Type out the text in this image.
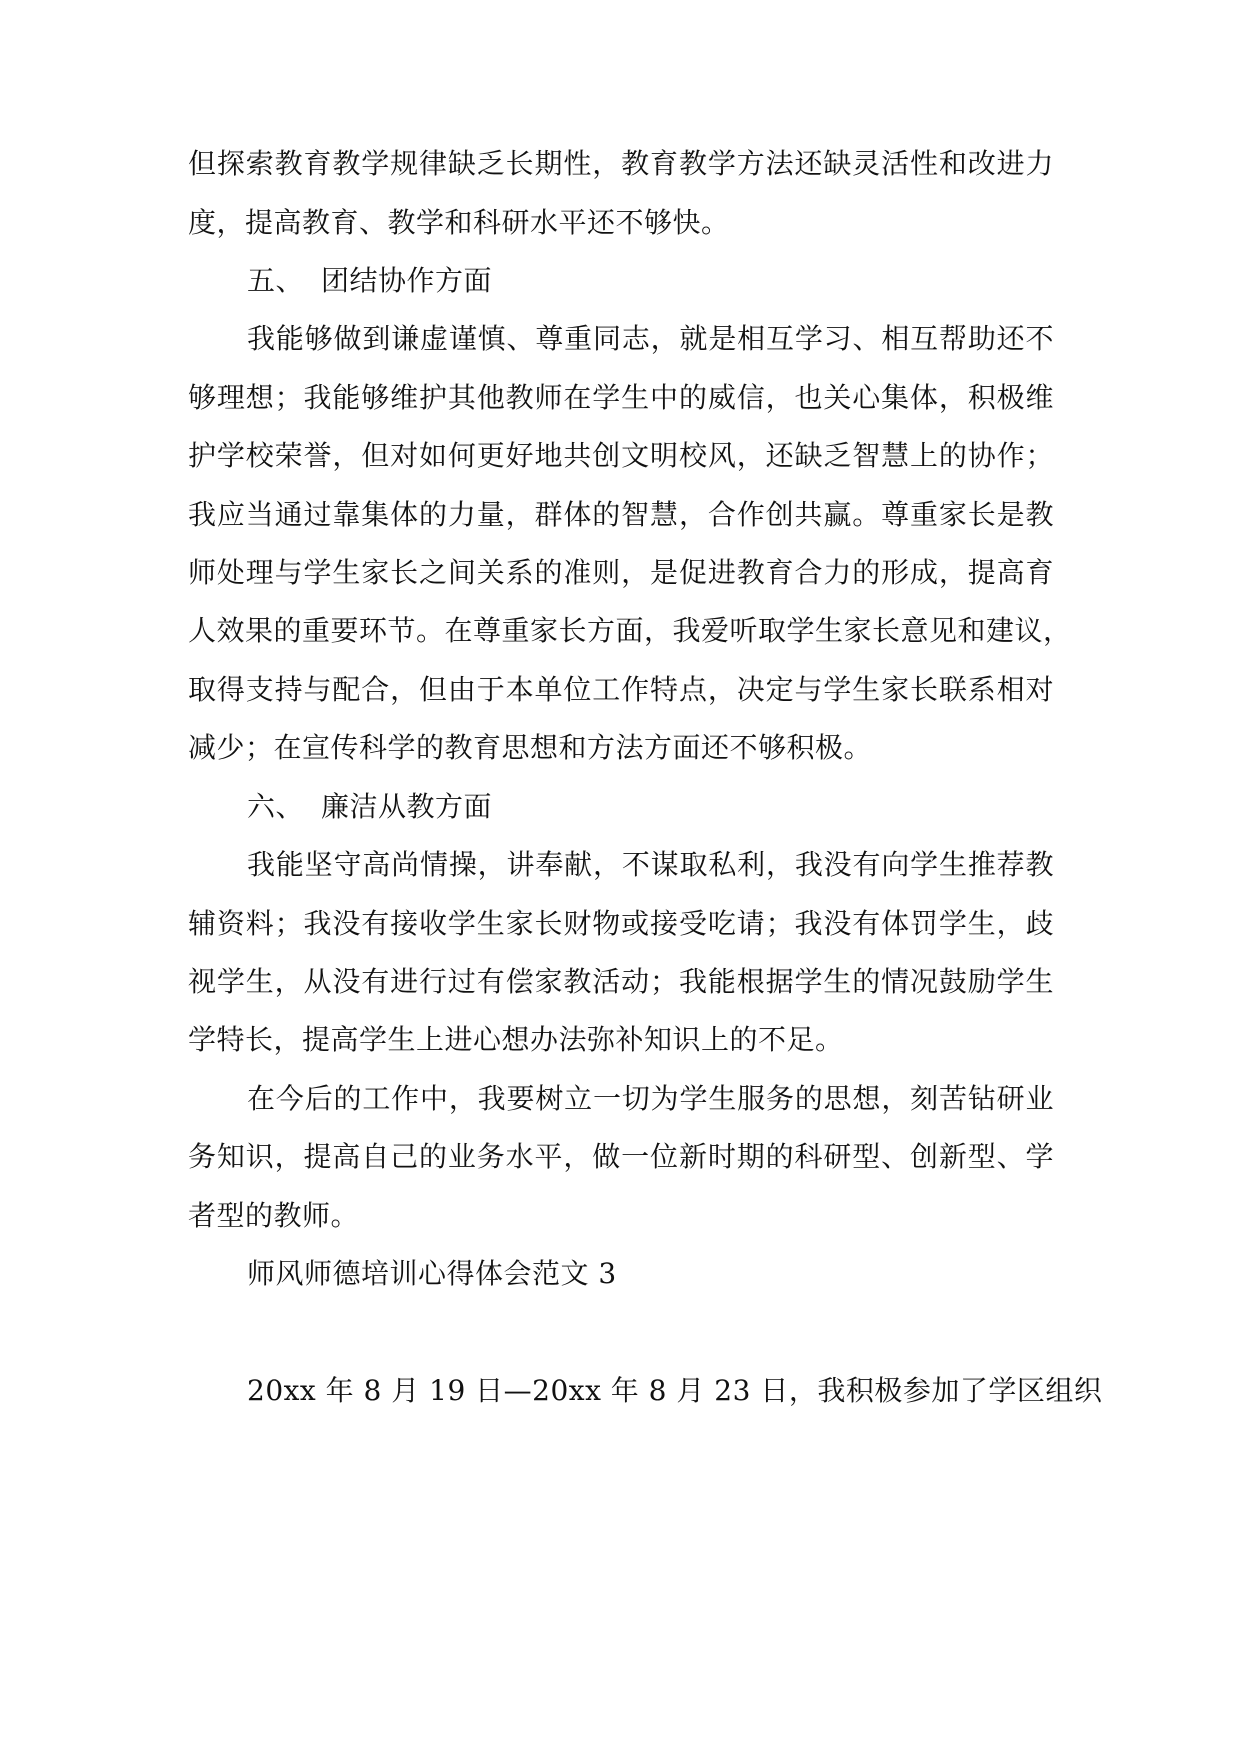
但探索教育教学规律缺乏长期性，教育教学方法还缺灵活性和改进力
度，提高教育、教学和科研水平还不够快。
五、 团结协作方面
我能够做到谦虚谨慎、尊重同志，就是相互学习、相互帮助还不
够理想；我能够维护其他教师在学生中的威信，也关心集体，积极维
护学校荣誉，但对如何更好地共创文明校风，还缺乏智慧上的协作；
我应当通过靠集体的力量，群体的智慧，合作创共赢。尊重家长是教
师处理与学生家长之间关系的准则，是促进教育合力的形成，提高育
人效果的重要环节。在尊重家长方面，我爱听取学生家长意见和建议，
取得支持与配合，但由于本单位工作特点，决定与学生家长联系相对
减少；在宣传科学的教育思想和方法方面还不够积极。
六、 廉洁从教方面
我能坚守高尚情操，讲奉献，不谋取私利，我没有向学生推荐教
辅资料；我没有接收学生家长财物或接受吃请；我没有体罚学生，歧
视学生，从没有进行过有偿家教活动；我能根据学生的情况鼓励学生
学特长，提高学生上进心想办法弥补知识上的不足。
在今后的工作中，我要树立一切为学生服务的思想，刻苦钻研业
务知识，提高自己的业务水平，做一位新时期的科研型、创新型、学
者型的教师。
师风师德培训心得体会范文 3
20xx 年 8 月 19 日—20xx 年 8 月 23 日，我积极参加了学区组织
